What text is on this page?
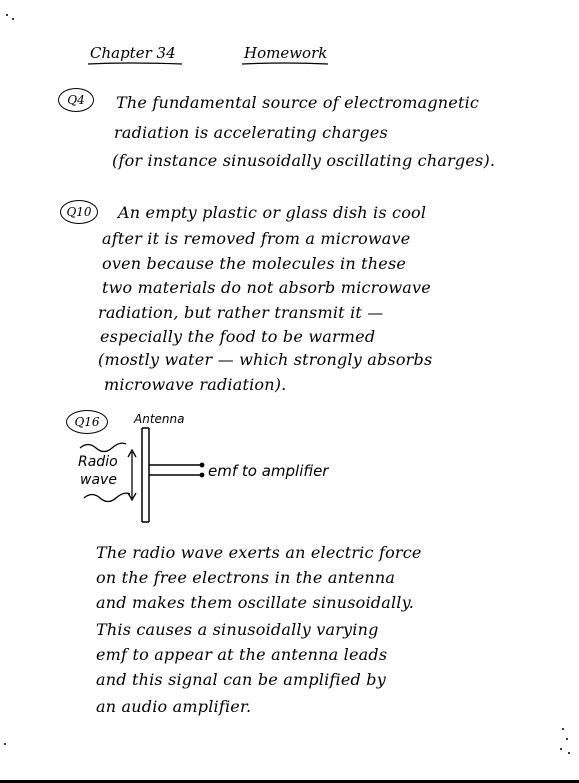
Chapter 34	Homework
Q4	The fundamental source of electromagnetic
radiation is accelerating charges
(for instance sinusoidally oscillating charges).
Q10	An empty plastic or glass dish is cool
after it is removed from a microwave
oven because the molecules in these
two materials do not absorb microwave
radiation, but rather transmit it —
especially the food to be warmed
(mostly water — which strongly absorbs
microwave radiation).
Q16	Antenna
Radio
wave	emf to amplifier
The radio wave exerts an electric force
on the free electrons in the antenna
and makes them oscillate sinusoidally.
This causes a sinusoidally varying
emf to appear at the antenna leads
and this signal can be amplified by
an audio amplifier.
